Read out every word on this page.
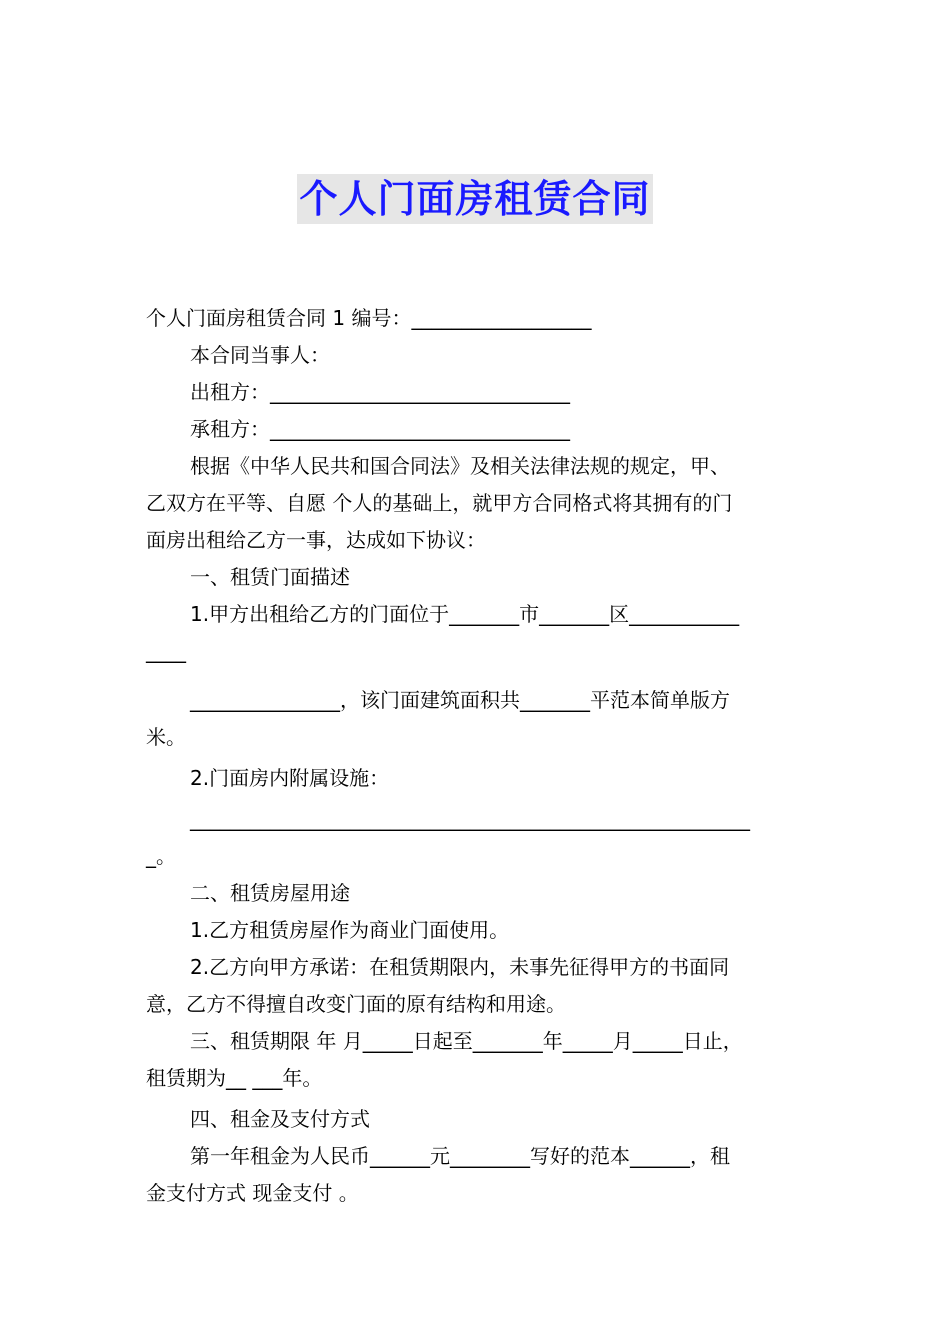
个人门面房租赁合同

个人门面房租赁合同 1 编号：__________________

本合同当事人：

出租方：______________________________

承租方：______________________________

根据《中华人民共和国合同法》及相关法律法规的规定，甲、

乙双方在平等、自愿 个人的基础上，就甲方合同格式将其拥有的门

面房出租给乙方一事，达成如下协议：

一、租赁门面描述

1.甲方出租给乙方的门面位于_______市_______区___________

____

_______________，该门面建筑面积共_______平范本简单版方

米。

2.门面房内附属设施：

________________________________________________________

_。

二、租赁房屋用途

1.乙方租赁房屋作为商业门面使用。

2.乙方向甲方承诺：在租赁期限内，未事先征得甲方的书面同

意，乙方不得擅自改变门面的原有结构和用途。

三、租赁期限 年 月_____日起至_______年_____月_____日止，

租赁期为__ ___年。

四、租金及支付方式

第一年租金为人民币______元________写好的范本______，租

金支付方式 现金支付 。
